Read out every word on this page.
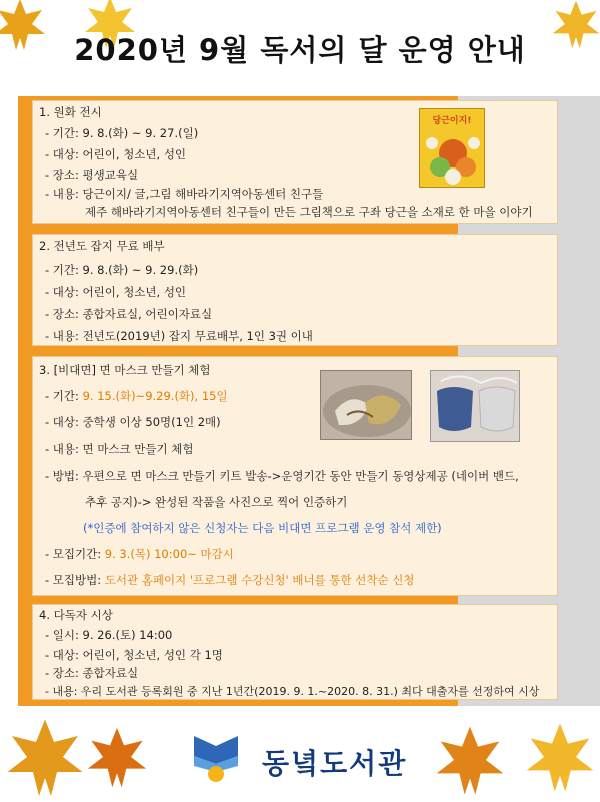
2020년 9월 독서의 달 운영 안내
1. 원화 전시
- 기간: 9. 8.(화) ~ 9. 27.(일)
- 대상: 어린이, 청소년, 성인
- 장소: 평생교육실
- 내용: 당근이지/ 글,그림 해바라기지역아동센터 친구들
제주 해바라기지역아동센터 친구들이 만든 그림책으로 구좌 당근을 소재로 한 마을 이야기
당근이지!
2. 전년도 잡지 무료 배부
- 기간: 9. 8.(화) ~ 9. 29.(화)
- 대상: 어린이, 청소년, 성인
- 장소: 종합자료실, 어린이자료실
- 내용: 전년도(2019년) 잡지 무료배부, 1인 3권 이내
3. [비대면] 면 마스크 만들기 체험
- 기간: 9. 15.(화)~9.29.(화), 15일
- 대상: 중학생 이상 50명(1인 2매)
- 내용: 면 마스크 만들기 체험
- 방법: 우편으로 면 마스크 만들기 키트 발송->운영기간 동안 만들기 동영상제공 (네이버 밴드,
추후 공지)-> 완성된 작품을 사진으로 찍어 인증하기
(*인증에 참여하지 않은 신청자는 다음 비대면 프로그램 운영 참석 제한)
- 모집기간: 9. 3.(목) 10:00~ 마감시
- 모집방법: 도서관 홈페이지 '프로그램 수강신청' 배너를 통한 선착순 신청
4. 다독자 시상
- 일시: 9. 26.(토) 14:00
- 대상: 어린이, 청소년, 성인 각 1명
- 장소: 종합자료실
- 내용: 우리 도서관 등록회원 중 지난 1년간(2019. 9. 1.~2020. 8. 31.) 최다 대출자를 선정하여 시상
동녘도서관
